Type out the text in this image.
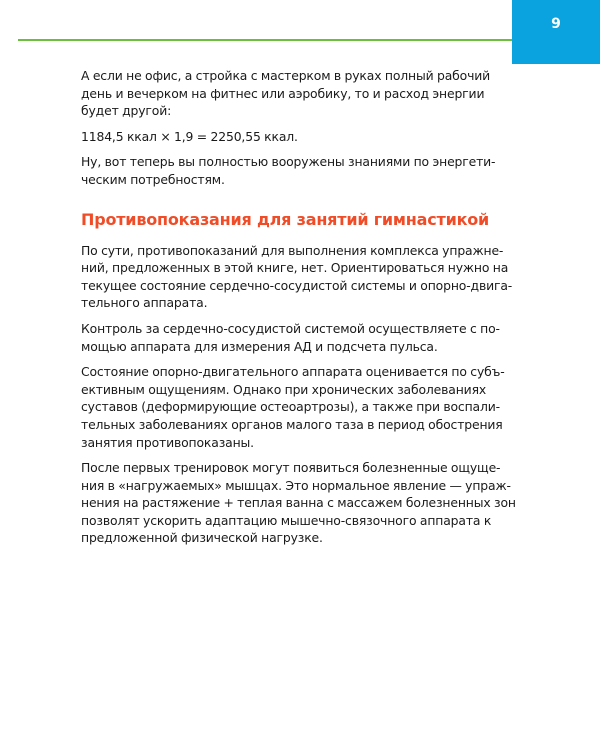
9

А если не офис, а стройка с мастерком в руках полный рабочий
день и вечерком на фитнес или аэробику, то и расход энергии
будет другой:

1184,5 ккал × 1,9 = 2250,55 ккал.

Ну, вот теперь вы полностью вооружены знаниями по энергети-
ческим потребностям.

Противопоказания для занятий гимнастикой

По сути, противопоказаний для выполнения комплекса упражне-
ний, предложенных в этой книге, нет. Ориентироваться нужно на
текущее состояние сердечно-сосудистой системы и опорно-двига-
тельного аппарата.

Контроль за сердечно-сосудистой системой осуществляете с по-
мощью аппарата для измерения АД и подсчета пульса.

Состояние опорно-двигательного аппарата оценивается по субъ-
ективным ощущениям. Однако при хронических заболеваниях
суставов (деформирующие остеоартрозы), а также при воспали-
тельных заболеваниях органов малого таза в период обострения
занятия противопоказаны.

После первых тренировок могут появиться болезненные ощуще-
ния в «нагружаемых» мышцах. Это нормальное явление — упраж-
нения на растяжение + теплая ванна с массажем болезненных зон
позволят ускорить адаптацию мышечно-связочного аппарата к
предложенной физической нагрузке.
